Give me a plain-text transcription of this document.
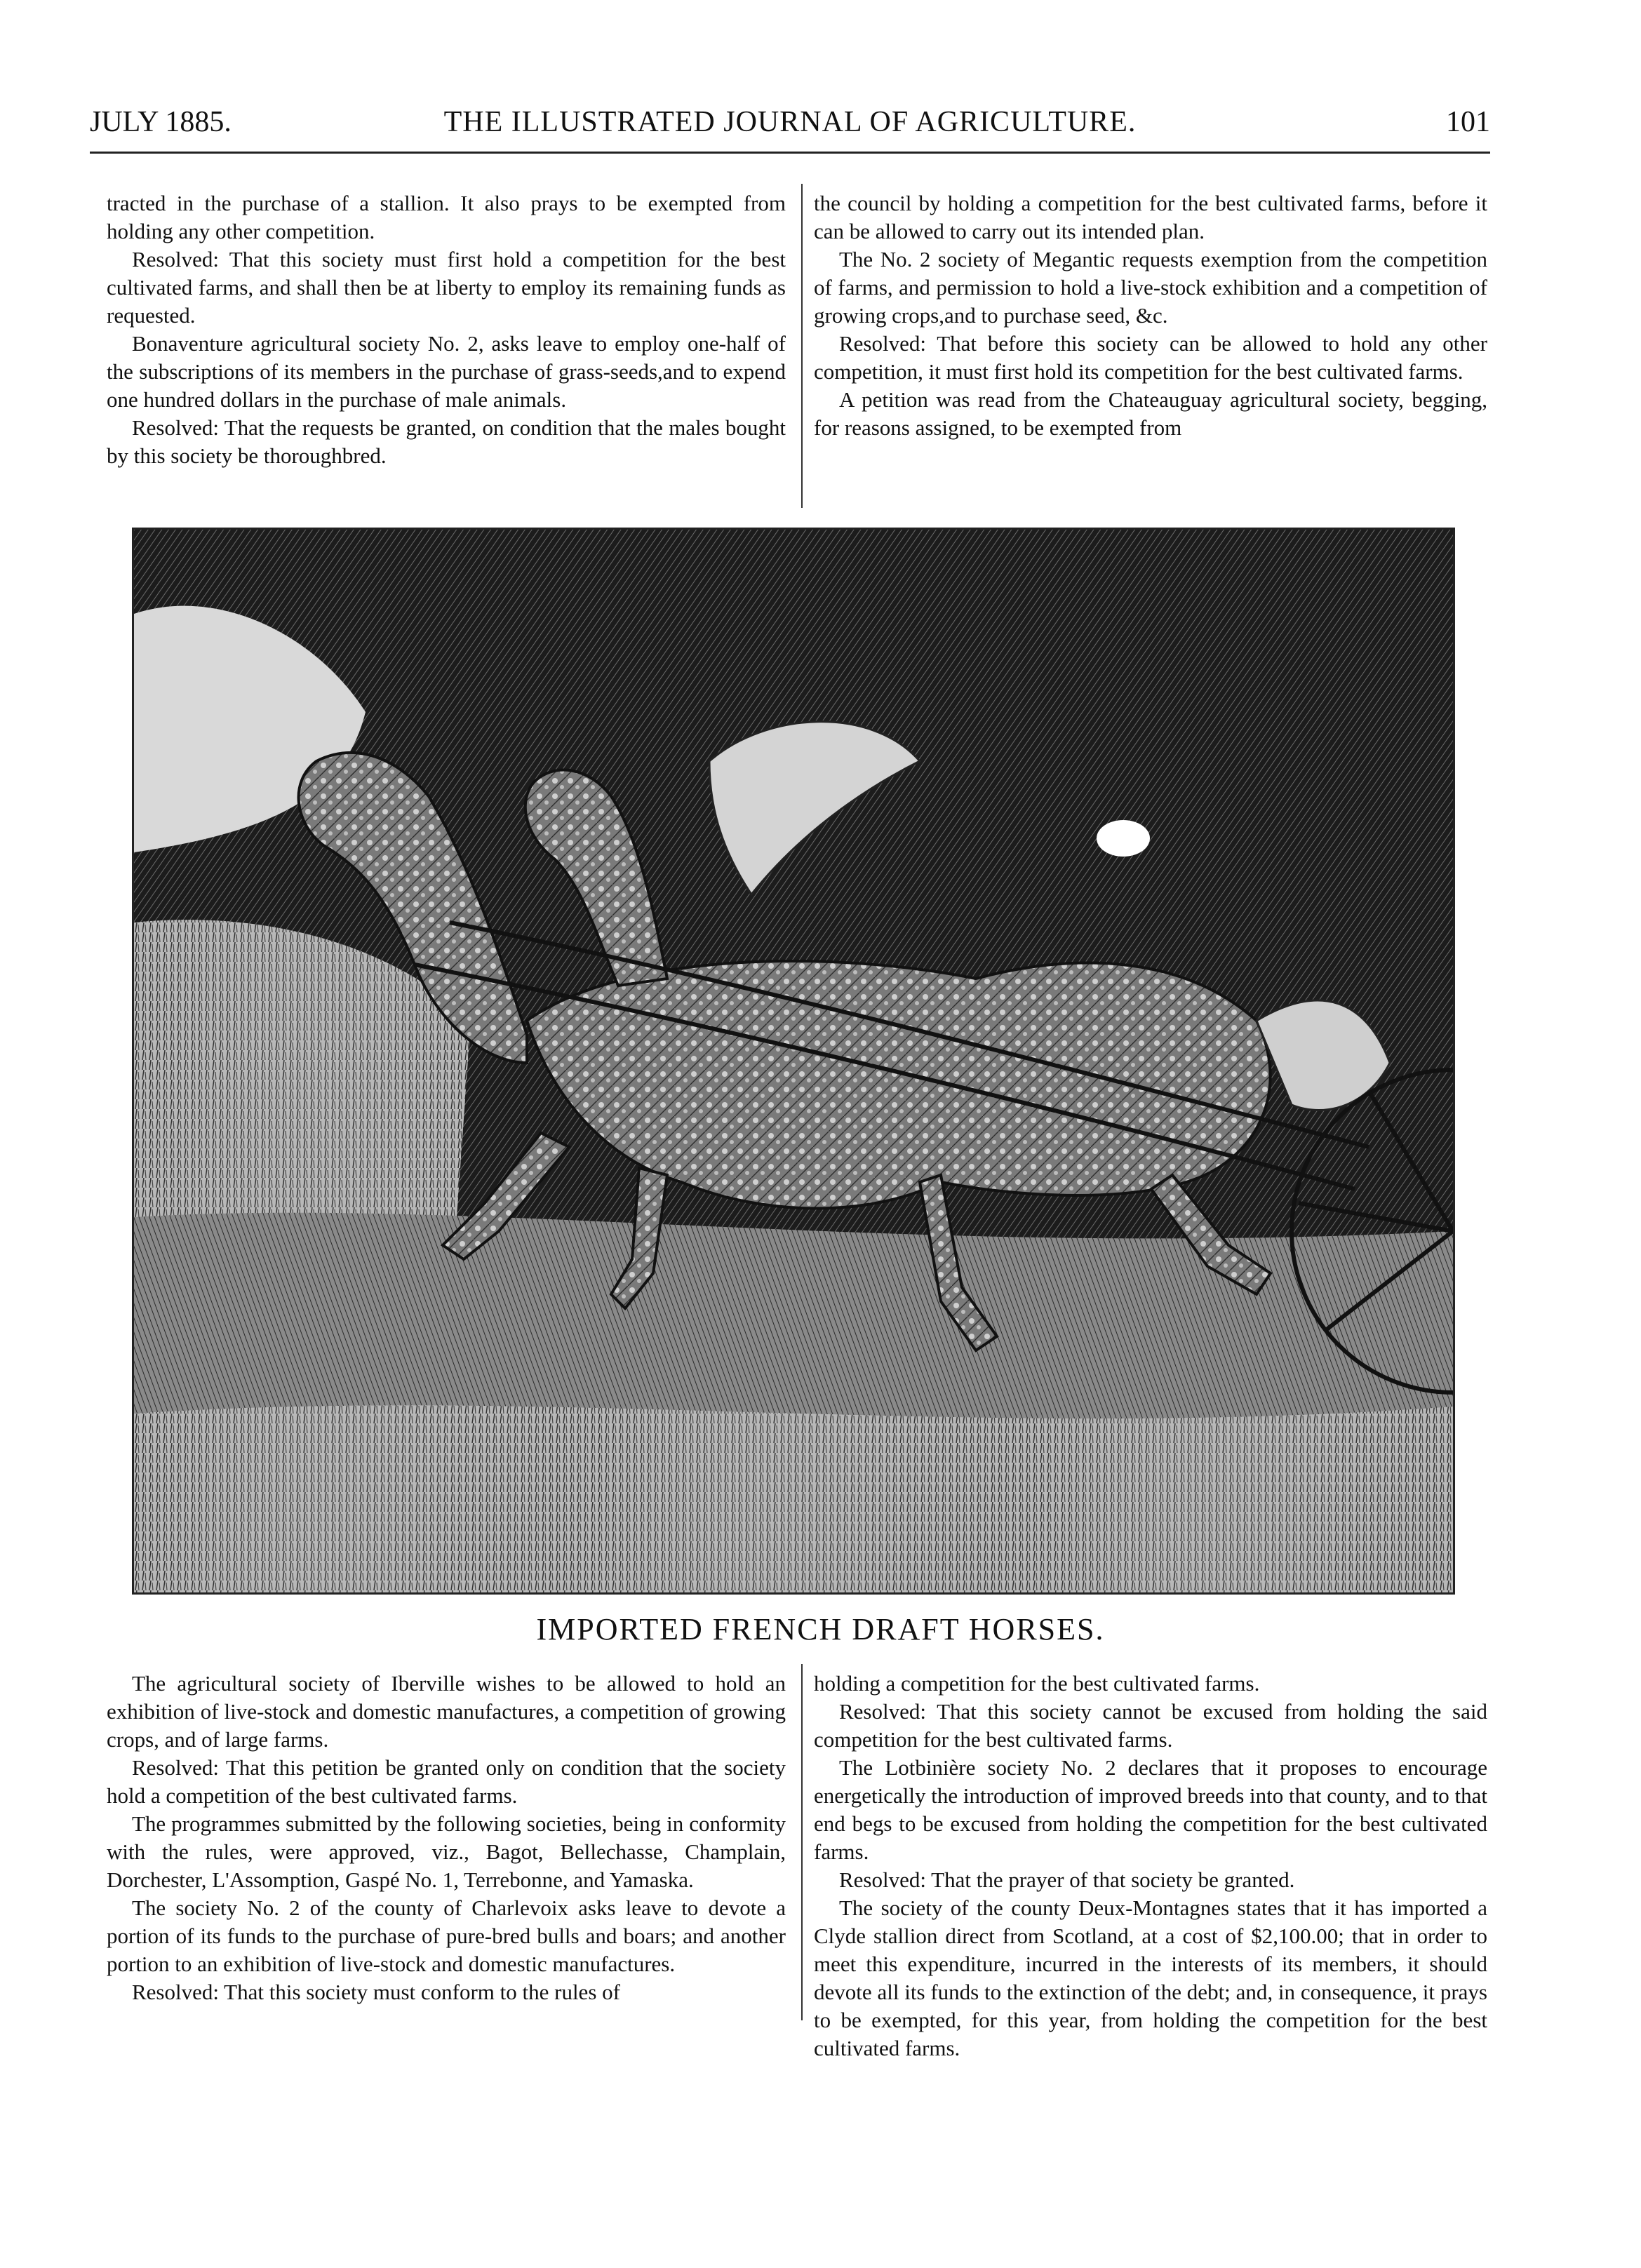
JULY 1885.	THE ILLUSTRATED JOURNAL OF AGRICULTURE.	101

tracted in the purchase of a stallion. It also prays to be exempted from holding any other competition.

Resolved: That this society must first hold a competition for the best cultivated farms, and shall then be at liberty to employ its remaining funds as requested.

Bonaventure agricultural society No. 2, asks leave to employ one-half of the subscriptions of its members in the purchase of grass-seeds,and to expend one hundred dollars in the purchase of male animals.

Resolved: That the requests be granted, on condition that the males bought by this society be thoroughbred.

the council by holding a competition for the best cultivated farms, before it can be allowed to carry out its intended plan.

The No. 2 society of Megantic requests exemption from the competition of farms, and permission to hold a live-stock exhibition and a competition of growing crops,and to purchase seed, &c.

Resolved: That before this society can be allowed to hold any other competition, it must first hold its competition for the best cultivated farms.

A petition was read from the Chateauguay agricultural society, begging, for reasons assigned, to be exempted from

IMPORTED FRENCH DRAFT HORSES.

The agricultural society of Iberville wishes to be allowed to hold an exhibition of live-stock and domestic manufactures, a competition of growing crops, and of large farms.

Resolved: That this petition be granted only on condition that the society hold a competition of the best cultivated farms.

The programmes submitted by the following societies, being in conformity with the rules, were approved, viz., Bagot, Bellechasse, Champlain, Dorchester, L'Assomption, Gaspé No. 1, Terrebonne, and Yamaska.

The society No. 2 of the county of Charlevoix asks leave to devote a portion of its funds to the purchase of pure-bred bulls and boars; and another portion to an exhibition of live-stock and domestic manufactures.

Resolved: That this society must conform to the rules of

holding a competition for the best cultivated farms.

Resolved: That this society cannot be excused from holding the said competition for the best cultivated farms.

The Lotbinière society No. 2 declares that it proposes to encourage energetically the introduction of improved breeds into that county, and to that end begs to be excused from holding the competition for the best cultivated farms.

Resolved: That the prayer of that society be granted.

The society of the county Deux-Montagnes states that it has imported a Clyde stallion direct from Scotland, at a cost of $2,100.00; that in order to meet this expenditure, incurred in the interests of its members, it should devote all its funds to the extinction of the debt; and, in consequence, it prays to be exempted, for this year, from holding the competition for the best cultivated farms.
